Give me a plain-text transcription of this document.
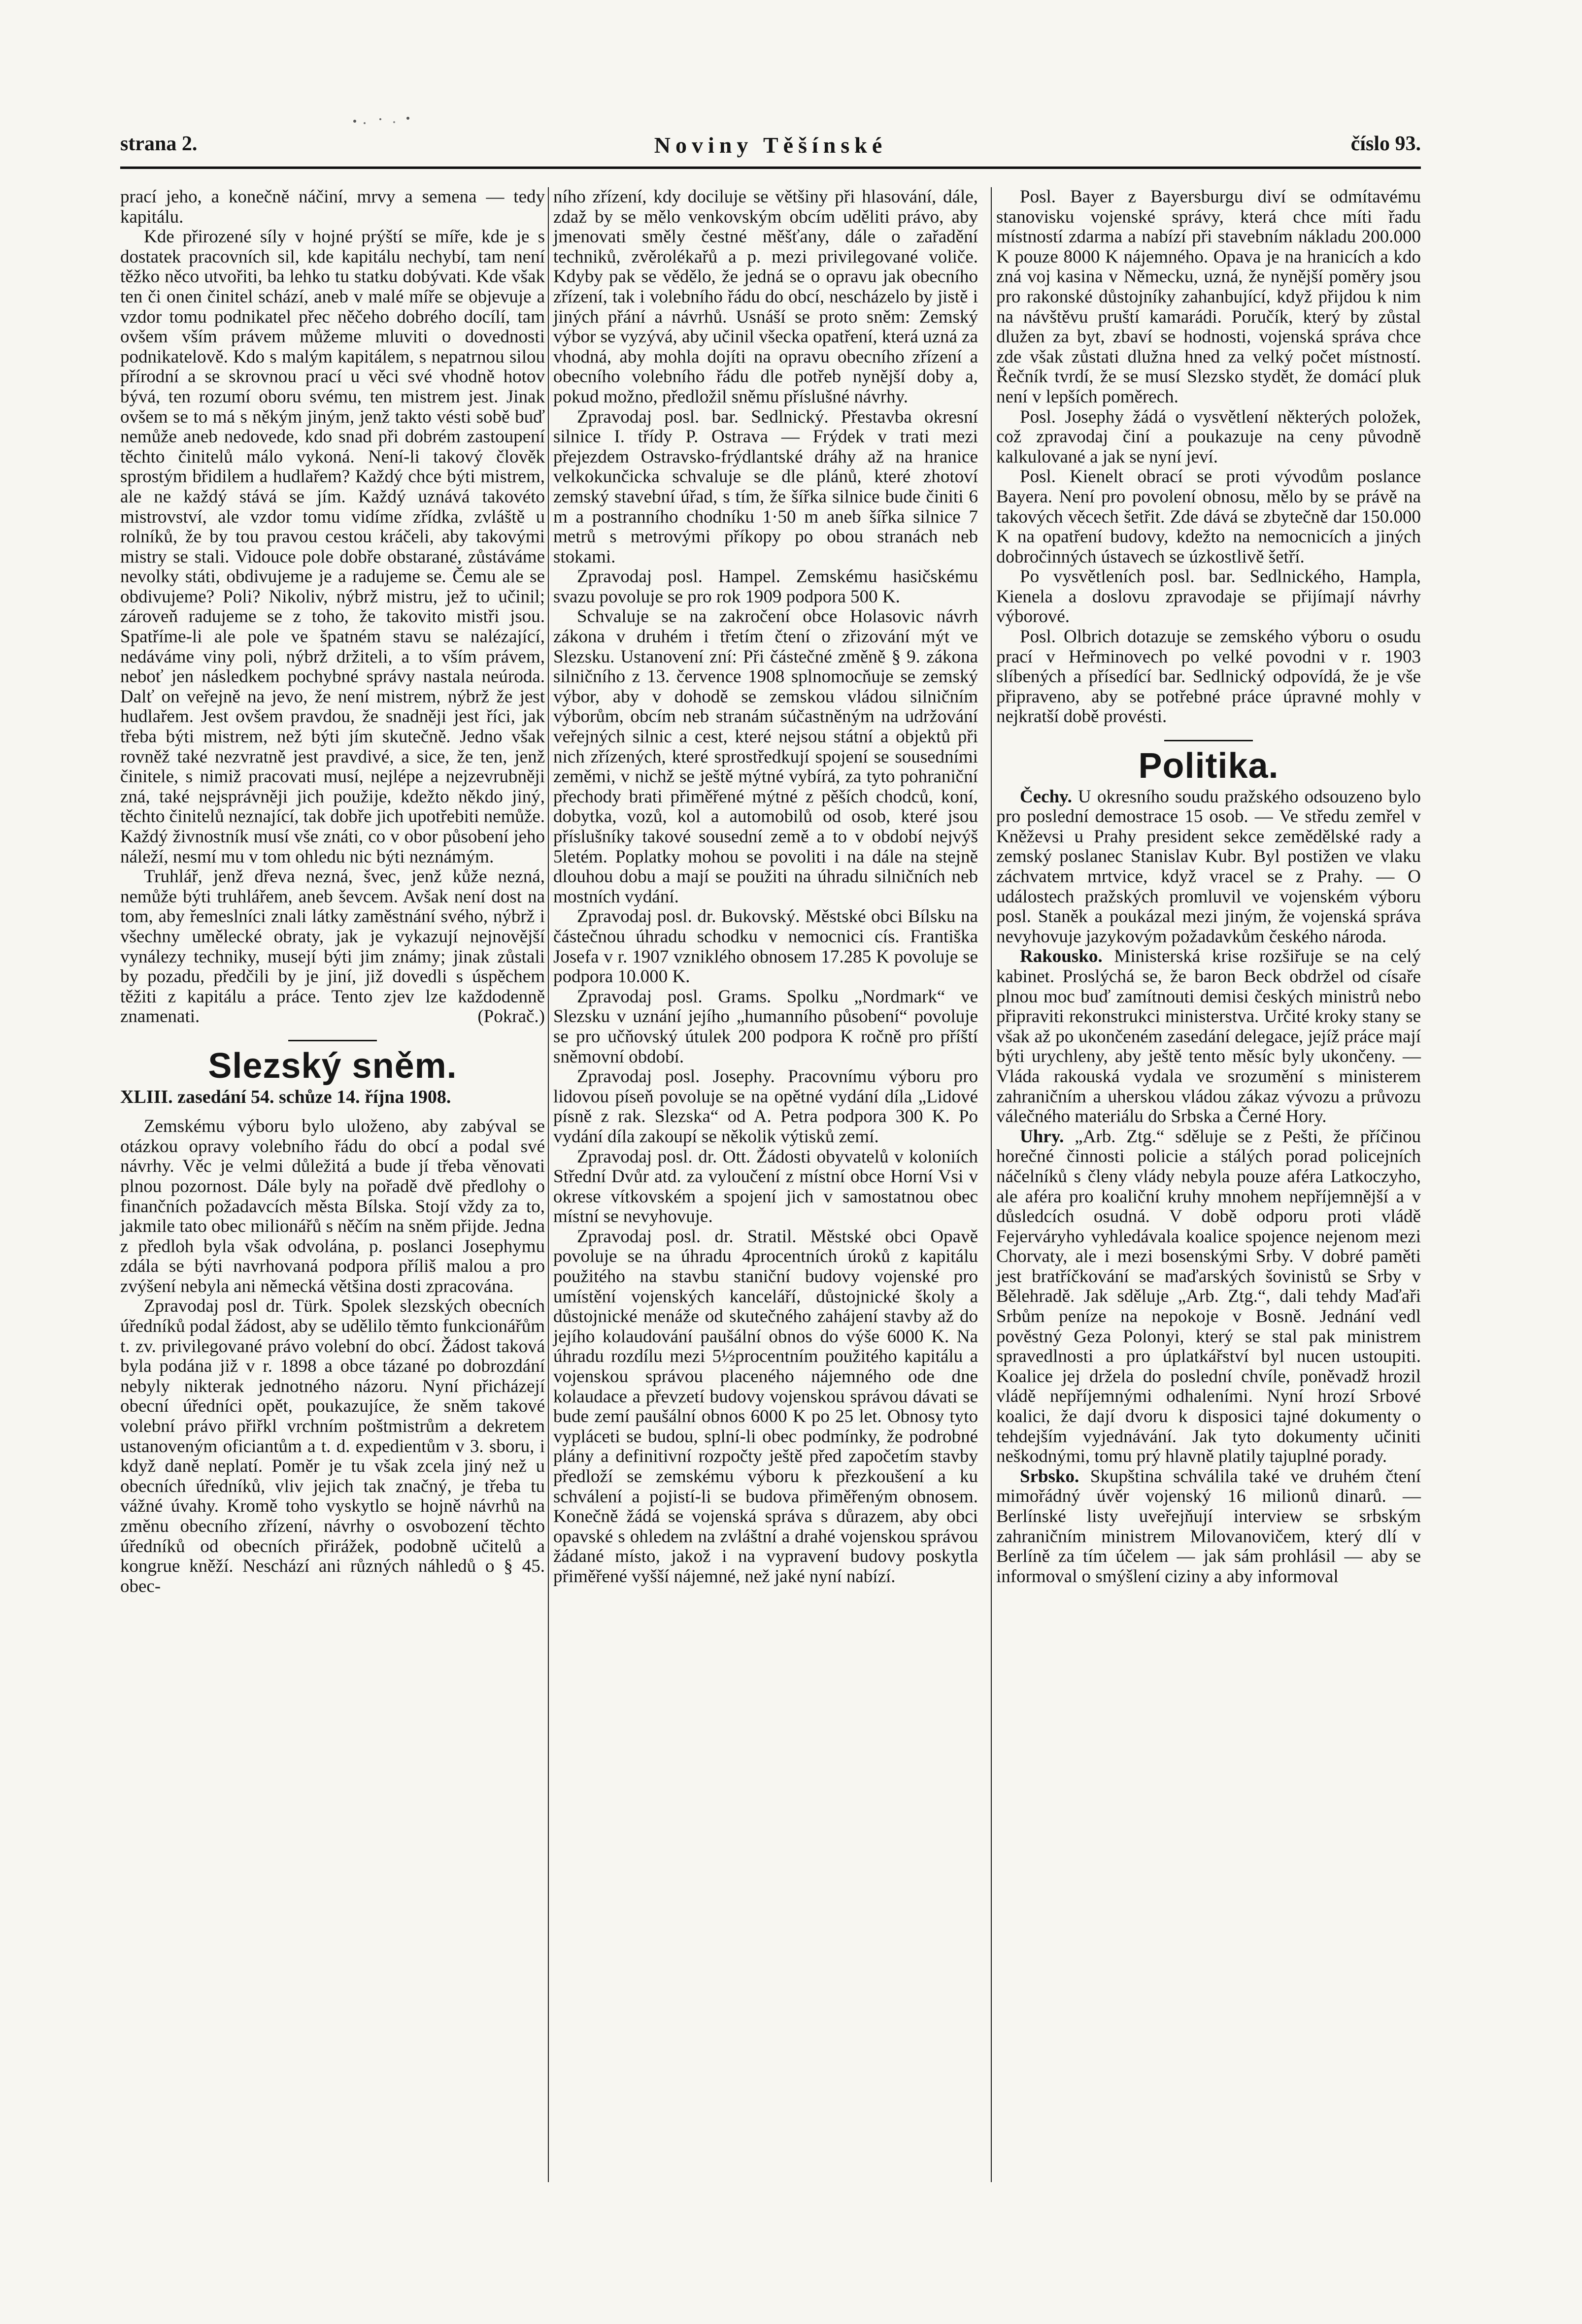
Noviny Těšínské
strana 2.	číslo 93.

prací jeho, a konečně náčiní, mrvy a semena — tedy kapitálu.

Kde přirozené síly v hojné prýští se míře, kde je s dostatek pracovních sil, kde kapitálu nechybí, tam není těžko něco utvořiti, ba lehko tu statku dobývati. Kde však ten či onen činitel schází, aneb v malé míře se objevuje a vzdor tomu podnikatel přec něčeho dobrého docílí, tam ovšem vším právem můžeme mluviti o dovednosti podnikatelově. Kdo s malým kapitálem, s nepatrnou silou přírodní a se skrovnou prací u věci své vhodně hotov bývá, ten rozumí oboru svému, ten mistrem jest. Jinak ovšem se to má s někým jiným, jenž takto vésti sobě buď nemůže aneb nedovede, kdo snad při dobrém zastoupení těchto činitelů málo vykoná. Není-li takový člověk sprostým břidilem a hudlařem? Každý chce býti mistrem, ale ne každý stává se jím. Každý uznává takovéto mistrovství, ale vzdor tomu vidíme zřídka, zvláště u rolníků, že by tou pravou cestou kráčeli, aby takovými mistry se stali. Vidouce pole dobře obstarané, zůstáváme nevolky státi, obdivujeme je a radujeme se. Čemu ale se obdivujeme? Poli? Nikoliv, nýbrž mistru, jež to učinil; zároveň radujeme se z toho, že takovito mistři jsou. Spatříme-li ale pole ve špatném stavu se nalézající, nedáváme viny poli, nýbrž držiteli, a to vším právem, neboť jen následkem pochybné správy nastala neúroda. Dalť on veřejně na jevo, že není mistrem, nýbrž že jest hudlařem. Jest ovšem pravdou, že snadněji jest říci, jak třeba býti mistrem, než býti jím skutečně. Jedno však rovněž také nezvratně jest pravdivé, a sice, že ten, jenž činitele, s nimiž pracovati musí, nejlépe a nejzevrubněji zná, také nejsprávněji jich použije, kdežto někdo jiný, těchto činitelů neznající, tak dobře jich upotřebiti nemůže. Každý živnostník musí vše znáti, co v obor působení jeho náleží, nesmí mu v tom ohledu nic býti neznámým.

Truhlář, jenž dřeva nezná, švec, jenž kůže nezná, nemůže býti truhlářem, aneb ševcem. Avšak není dost na tom, aby řemeslníci znali látky zaměstnání svého, nýbrž i všechny umělecké obraty, jak je vykazují nejnovější vynálezy techniky, musejí býti jim známy; jinak zůstali by pozadu, předčili by je jiní, již dovedli s úspěchem těžiti z kapitálu a práce. Tento zjev lze každodenně znamenati.	(Pokrač.)

Slezský sněm.

XLIII. zasedání 54. schůze 14. října 1908.

Zemskému výboru bylo uloženo, aby zabýval se otázkou opravy volebního řádu do obcí a podal své návrhy. Věc je velmi důležitá a bude jí třeba věnovati plnou pozornost. Dále byly na pořadě dvě předlohy o finančních požadavcích města Bílska. Stojí vždy za to, jakmile tato obec milionářů s něčím na sněm přijde. Jedna z předloh byla však odvolána, p. poslanci Josephymu zdála se býti navrhovaná podpora příliš malou a pro zvýšení nebyla ani německá většina dosti zpracována.

Zpravodaj posl dr. Türk. Spolek slezských obecních úředníků podal žádost, aby se udělilo těmto funkcionářům t. zv. privilegované právo volební do obcí. Žádost taková byla podána již v r. 1898 a obce tázané po dobrozdání nebyly nikterak jednotného názoru. Nyní přicházejí obecní úředníci opět, poukazujíce, že sněm takové volební právo přiřkl vrchním poštmistrům a dekretem ustanoveným oficiantům a t. d. expedientům v 3. sboru, i když daně neplatí. Poměr je tu však zcela jiný než u obecních úředníků, vliv jejich tak značný, je třeba tu vážné úvahy. Kromě toho vyskytlo se hojně návrhů na změnu obecního zřízení, návrhy o osvobození těchto úředníků od obecních přirážek, podobně učitelů a kongrue kněží. Neschází ani různých náhledů o § 45. obec-

ního zřízení, kdy dociluje se většiny při hlasování, dále, zdaž by se mělo venkovským obcím uděliti právo, aby jmenovati směly čestné měšťany, dále o zařadění techniků, zvěrolékařů a p. mezi privilegované voliče. Kdyby pak se vědělo, že jedná se o opravu jak obecního zřízení, tak i volebního řádu do obcí, nescházelo by jistě i jiných přání a návrhů. Usnáší se proto sněm: Zemský výbor se vyzývá, aby učinil všecka opatření, která uzná za vhodná, aby mohla dojíti na opravu obecního zřízení a obecního volebního řádu dle potřeb nynější doby a, pokud možno, předložil sněmu příslušné návrhy.

Zpravodaj posl. bar. Sedlnický. Přestavba okresní silnice I. třídy P. Ostrava — Frýdek v trati mezi přejezdem Ostravsko-frýdlantské dráhy až na hranice velkokunčicka schvaluje se dle plánů, které zhotoví zemský stavební úřad, s tím, že šířka silnice bude činiti 6 m a postranního chodníku 1·50 m aneb šířka silnice 7 metrů s metrovými příkopy po obou stranách neb stokami.

Zpravodaj posl. Hampel. Zemskému hasičskému svazu povoluje se pro rok 1909 podpora 500 K.

Schvaluje se na zakročení obce Holasovic návrh zákona v druhém i třetím čtení o zřizování mýt ve Slezsku. Ustanovení zní: Při částečné změně § 9. zákona silničního z 13. července 1908 splnomocňuje se zemský výbor, aby v dohodě se zemskou vládou silničním výborům, obcím neb stranám súčastněným na udržování veřejných silnic a cest, které nejsou státní a objektů při nich zřízených, které sprostředkují spojení se sousedními zeměmi, v nichž se ještě mýtné vybírá, za tyto pohraniční přechody brati přiměřené mýtné z pěších chodců, koní, dobytka, vozů, kol a automobilů od osob, které jsou příslušníky takové sousední země a to v období nejvýš 5letém. Poplatky mohou se povoliti i na dále na stejně dlouhou dobu a mají se použiti na úhradu silničních neb mostních vydání.

Zpravodaj posl. dr. Bukovský. Městské obci Bílsku na částečnou úhradu schodku v nemocnici cís. Františka Josefa v r. 1907 vzniklého obnosem 17.285 K povoluje se podpora 10.000 K.

Zpravodaj posl. Grams. Spolku „Nordmark“ ve Slezsku v uznání jejího „humanního působení“ povoluje se pro učňovský útulek 200 podpora K ročně pro příští sněmovní období.

Zpravodaj posl. Josephy. Pracovnímu výboru pro lidovou píseň povoluje se na opětné vydání díla „Lidové písně z rak. Slezska“ od A. Petra podpora 300 K. Po vydání díla zakoupí se několik výtisků zemí.

Zpravodaj posl. dr. Ott. Žádosti obyvatelů v koloniích Střední Dvůr atd. za vyloučení z místní obce Horní Vsi v okrese vítkovském a spojení jich v samostatnou obec místní se nevyhovuje.

Zpravodaj posl. dr. Stratil. Městské obci Opavě povoluje se na úhradu 4procentních úroků z kapitálu použitého na stavbu staniční budovy vojenské pro umístění vojenských kanceláří, důstojnické školy a důstojnické menáže od skutečného zahájení stavby až do jejího kolaudování paušální obnos do výše 6000 K. Na úhradu rozdílu mezi 5½procentním použitého kapitálu a vojenskou správou placeného nájemného ode dne kolaudace a převzetí budovy vojenskou správou dávati se bude zemí paušální obnos 6000 K po 25 let. Obnosy tyto vypláceti se budou, splní-li obec podmínky, že podrobné plány a definitivní rozpočty ještě před započetím stavby předloží se zemskému výboru k přezkoušení a ku schválení a pojistí-li se budova přiměřeným obnosem. Konečně žádá se vojenská správa s důrazem, aby obci opavské s ohledem na zvláštní a drahé vojenskou správou žádané místo, jakož i na vypravení budovy poskytla přiměřené vyšší nájemné, než jaké nyní nabízí.

Posl. Bayer z Bayersburgu diví se odmítavému stanovisku vojenské správy, která chce míti řadu místností zdarma a nabízí při stavebním nákladu 200.000 K pouze 8000 K nájemného. Opava je na hranicích a kdo zná voj kasina v Německu, uzná, že nynější poměry jsou pro rakonské důstojníky zahanbující, když přijdou k nim na návštěvu pruští kamarádi. Poručík, který by zůstal dlužen za byt, zbaví se hodnosti, vojenská správa chce zde však zůstati dlužna hned za velký počet místností. Řečník tvrdí, že se musí Slezsko stydět, že domácí pluk není v lepších poměrech.

Posl. Josephy žádá o vysvětlení některých položek, což zpravodaj činí a poukazuje na ceny původně kalkulované a jak se nyní jeví.

Posl. Kienelt obrací se proti vývodům poslance Bayera. Není pro povolení obnosu, mělo by se právě na takových věcech šetřit. Zde dává se zbytečně dar 150.000 K na opatření budovy, kdežto na nemocnicích a jiných dobročinných ústavech se úzkostlivě šetří.

Po vysvětleních posl. bar. Sedlnického, Hampla, Kienela a doslovu zpravodaje se přijímají návrhy výborové.

Posl. Olbrich dotazuje se zemského výboru o osudu prací v Heřminovech po velké povodni v r. 1903 slíbených a přísedící bar. Sedlnický odpovídá, že je vše připraveno, aby se potřebné práce úpravné mohly v nejkratší době provésti.

Politika.

Čechy. U okresního soudu pražského odsouzeno bylo pro poslední demostrace 15 osob. — Ve středu zemřel v Kněževsi u Prahy president sekce zemědělské rady a zemský poslanec Stanislav Kubr. Byl postižen ve vlaku záchvatem mrtvice, když vracel se z Prahy. — O událostech pražských promluvil ve vojenském výboru posl. Staněk a poukázal mezi jiným, že vojenská správa nevyhovuje jazykovým požadavkům českého národa.

Rakousko. Ministerská krise rozšiřuje se na celý kabinet. Proslýchá se, že baron Beck obdržel od císaře plnou moc buď zamítnouti demisi českých ministrů nebo připraviti rekonstrukci ministerstva. Určité kroky stany se však až po ukončeném zasedání delegace, jejíž práce mají býti urychleny, aby ještě tento měsíc byly ukončeny. — Vláda rakouská vydala ve srozumění s ministerem zahraničním a uherskou vládou zákaz vývozu a průvozu válečného materiálu do Srbska a Černé Hory.

Uhry. „Arb. Ztg.“ sděluje se z Pešti, že příčinou horečné činnosti policie a stálých porad policejních náčelníků s členy vlády nebyla pouze aféra Latkoczyho, ale aféra pro koaliční kruhy mnohem nepříjemnější a v důsledcích osudná. V době odporu proti vládě Fejerváryho vyhledávala koalice spojence nejenom mezi Chorvaty, ale i mezi bosenskými Srby. V dobré paměti jest bratříčkování se maďarských šovinistů se Srby v Bělehradě. Jak sděluje „Arb. Ztg.“, dali tehdy Maďaři Srbům peníze na nepokoje v Bosně. Jednání vedl pověstný Geza Polonyi, který se stal pak ministrem spravedlnosti a pro úplatkářství byl nucen ustoupiti. Koalice jej držela do poslední chvíle, poněvadž hrozil vládě nepříjemnými odhaleními. Nyní hrozí Srbové koalici, že dají dvoru k disposici tajné dokumenty o tehdejším vyjednávání. Jak tyto dokumenty učiniti neškodnými, tomu prý hlavně platily tajuplné porady.

Srbsko. Skupština schválila také ve druhém čtení mimořádný úvěr vojenský 16 milionů dinarů. — Berlínské listy uveřejňují interview se srbským zahraničním ministrem Milovanovičem, který dlí v Berlíně za tím účelem — jak sám prohlásil — aby se informoval o smýšlení ciziny a aby informoval
